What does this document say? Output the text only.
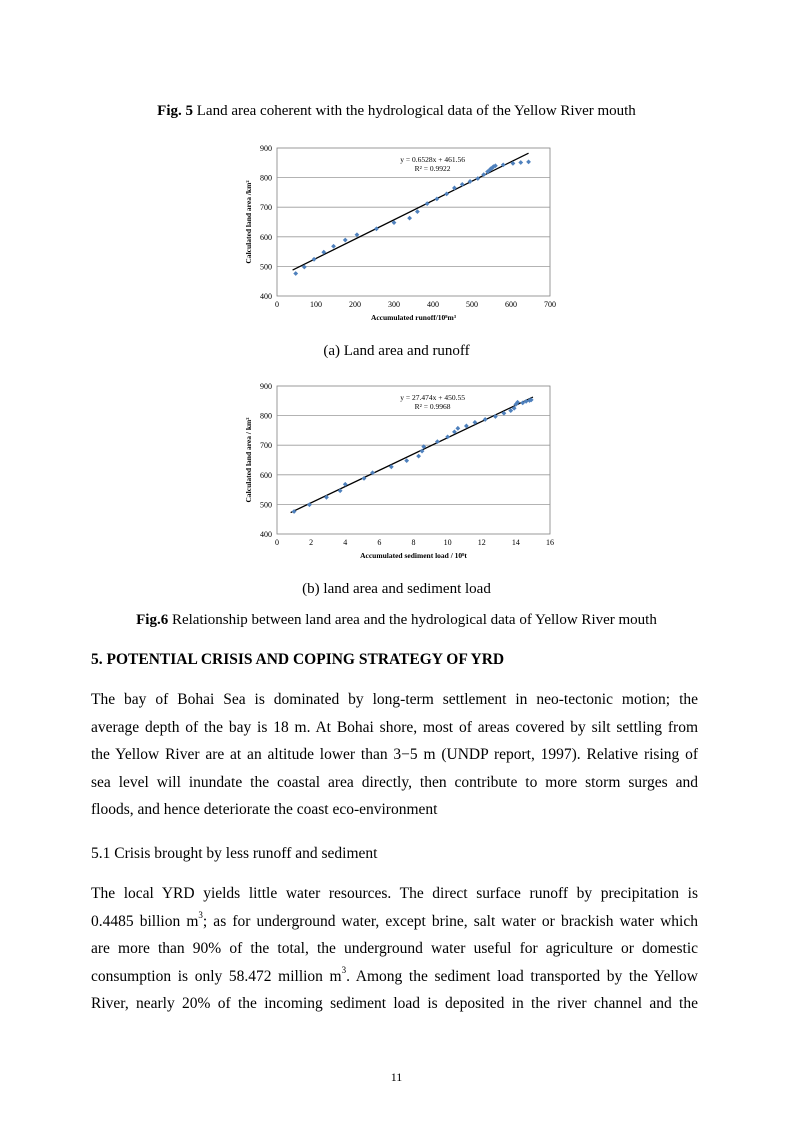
Fig. 5 Land area coherent with the hydrological data of the Yellow River mouth
400
500
600
700
800
900
0	100	200	300	400	500	600	700
Accumulated runoff/10⁸m³
Calculated land area /km²
y = 0.6528x + 461.56
R² = 0.9922
(a) Land area and runoff
400
500
600
700
800
900
0	2	4	6	8	10	12	14	16
Accumulated sediment load / 10⁸t
Calculated land area / km²
y = 27.474x + 450.55
R² = 0.9968
(b) land area and sediment load
Fig.6 Relationship between land area and the hydrological data of Yellow River mouth
5. POTENTIAL CRISIS AND COPING STRATEGY OF YRD
The bay of Bohai Sea is dominated by long-term settlement in neo-tectonic motion; the
average depth of the bay is 18 m. At Bohai shore, most of areas covered by silt settling from
the Yellow River are at an altitude lower than 3−5 m (UNDP report, 1997). Relative rising of
sea level will inundate the coastal area directly, then contribute to more storm surges and
floods, and hence deteriorate the coast eco-environment
5.1 Crisis brought by less runoff and sediment
The local YRD yields little water resources. The direct surface runoff by precipitation is
0.4485 billion $m^3$; as for underground water, except brine, salt water or brackish water which
are more than 90% of the total, the underground water useful for agriculture or domestic
consumption is only 58.472 million $m^3$. Among the sediment load transported by the Yellow
River, nearly 20% of the incoming sediment load is deposited in the river channel and the
11
